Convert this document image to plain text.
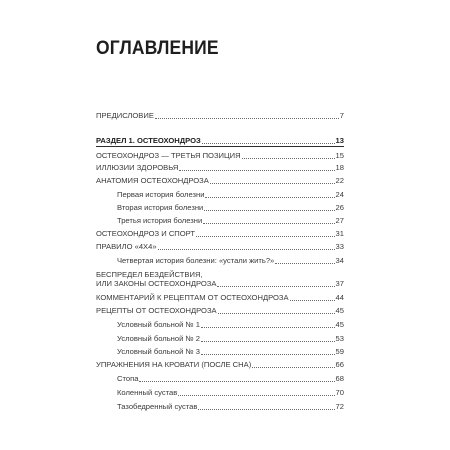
ОГЛАВЛЕНИЕ
ПРЕДИСЛОВИЕ	7
РАЗДЕЛ 1. ОСТЕОХОНДРОЗ	13
ОСТЕОХОНДРОЗ — ТРЕТЬЯ ПОЗИЦИЯ	15
ИЛЛЮЗИИ ЗДОРОВЬЯ	18
АНАТОМИЯ ОСТЕОХОНДРОЗА	22
Первая история болезни	24
Вторая история болезни	26
Третья история болезни	27
ОСТЕОХОНДРОЗ И СПОРТ	31
ПРАВИЛО «4Х4»	33
Четвертая история болезни: «устали жить?»	34
БЕСПРЕДЕЛ БЕЗДЕЙСТВИЯ,
ИЛИ ЗАКОНЫ ОСТЕОХОНДРОЗА	37
КОММЕНТАРИЙ К РЕЦЕПТАМ ОТ ОСТЕОХОНДРОЗА	44
РЕЦЕПТЫ ОТ ОСТЕОХОНДРОЗА	45
Условный больной № 1	45
Условный больной № 2	53
Условный больной № 3	59
УПРАЖНЕНИЯ НА КРОВАТИ (ПОСЛЕ СНА)	66
Стопа	68
Коленный сустав	70
Тазобедренный сустав	72
